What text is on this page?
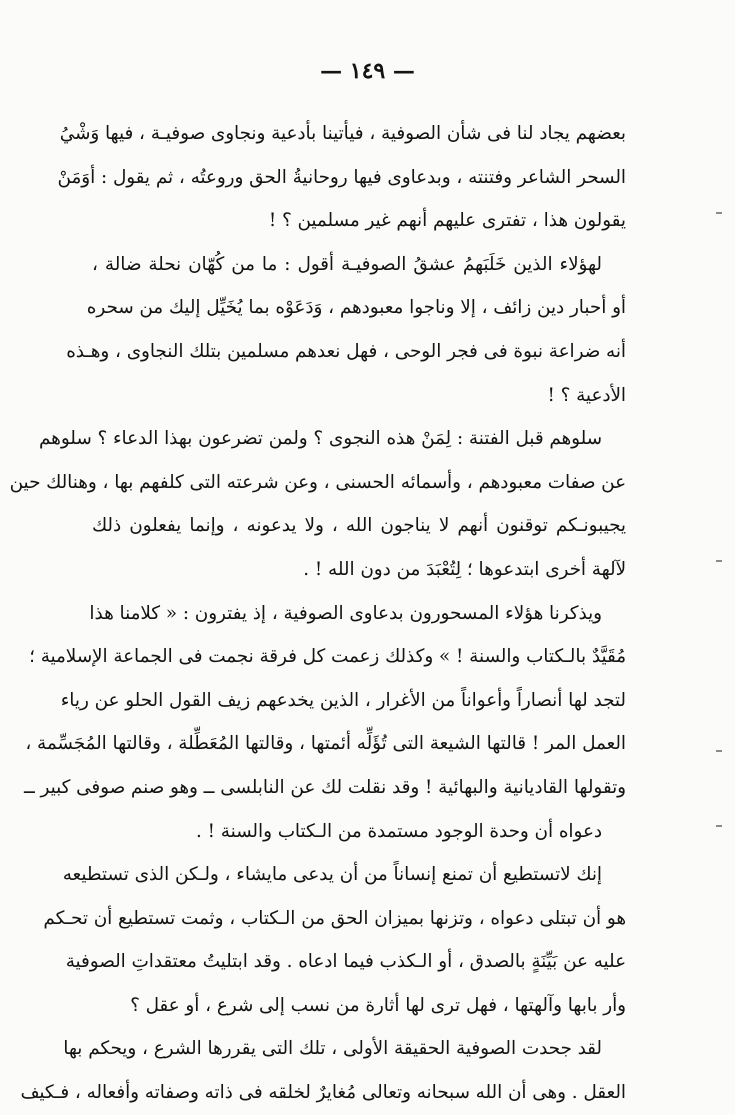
— ١٤٩ —
بعضهم يجاد لنا فى شأن الصوفية ، فيأتينا بأدعية ونجاوى صوفيـة ، فيها وَشْيُ
السحر الشاعر وفتنته ، وبدعاوى فيها روحانيةُ الحق وروعتُه ، ثم يقول : أوَمَنْ
يقولون هذا ، تفترى عليهم أنهم غير مسلمين ؟ !
لهؤلاء الذين خَلَبَهمُ عشقُ الصوفيـة أقول : ما من كُهّان نحلة ضالة ،
أو أحبار دين زائف ، إلا وناجوا معبودهم ، وَدَعَوْه بما يُخَيِّل إليك من سحره
أنه ضراعة نبوة فى فجر الوحى ، فهل نعدهم مسلمين بتلك النجاوى ، وهـذه
الأدعية ؟ !
سلوهم قبل الفتنة : لِمَنْ هذه النجوى ؟ ولمن تضرعون بهذا الدعاء ؟ سلوهم
عن صفات معبودهم ، وأسمائه الحسنى ، وعن شرعته التى كلفهم بها ، وهنالك حين
يجيبونـكم توقنون أنهم لا يناجون الله ، ولا يدعونه ، وإنما يفعلون ذلك
لآلهة أخرى ابتدعوها ؛ لِتُعْبَدَ من دون الله ! .
ويذكرنا هؤلاء المسحورون بدعاوى الصوفية ، إذ يفترون : « كلامنا هذا
مُقَيَّدٌ بالـكتاب والسنة ! » وكذلك زعمت كل فرقة نجمت فى الجماعة الإسلامية ؛
لتجد لها أنصاراً وأعواناً من الأغرار ، الذين يخدعهم زيف القول الحلو عن رياء
العمل المر ! قالتها الشيعة التى تُؤَلِّه أئمتها ، وقالتها المُعَطِّلة ، وقالتها المُجَسِّمة ،
وتقولها القاديانية والبهائية ! وقد نقلت لك عن النابلسى ــ وهو صنم صوفى كبير ــ
دعواه أن وحدة الوجود مستمدة من الـكتاب والسنة ! .
إنك لاتستطيع أن تمنع إنساناً من أن يدعى مايشاء ، ولـكن الذى تستطيعه
هو أن تبتلى دعواه ، وتزنها بميزان الحق من الـكتاب ، وثمت تستطيع أن تحـكم
عليه عن بَيِّنَةٍ بالصدق ، أو الـكذب فيما ادعاه . وقد ابتليتُ معتقداتِ الصوفية
وأر بابها وآلهتها ، فهل ترى لها أثارة من نسب إلى شرع ، أو عقل ؟
لقد جحدت الصوفية الحقيقة الأولى ، تلك التى يقررها الشرع ، ويحكم بها
العقل . وهى أن الله سبحانه وتعالى مُغايرٌ لخلقه فى ذاته وصفاته وأفعاله ، فـكيف
